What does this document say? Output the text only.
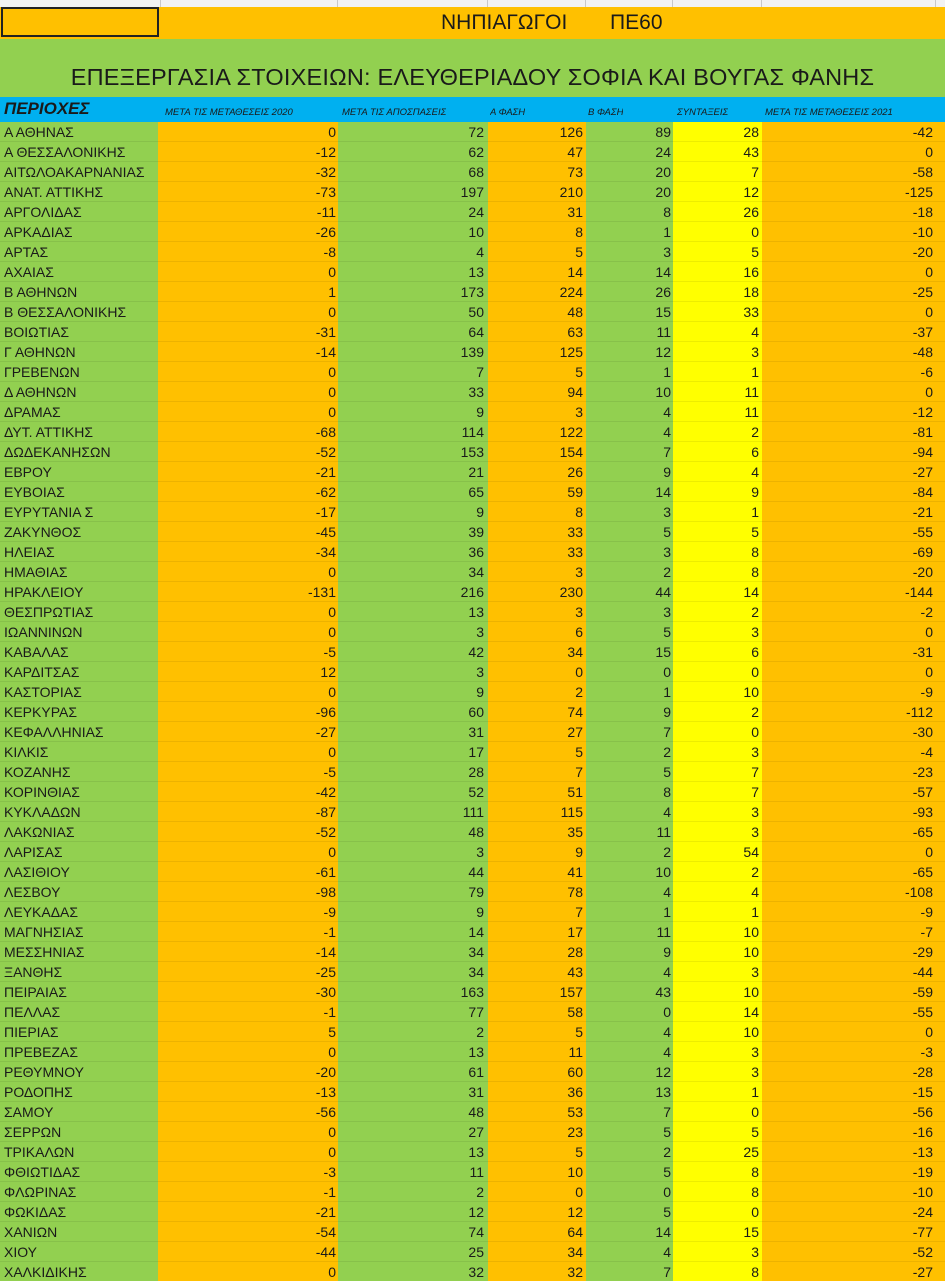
ΝΗΠΙΑΓΩΓΟΙ ΠΕ60
ΕΠΕΞΕΡΓΑΣΙΑ ΣΤΟΙΧΕΙΩΝ: ΕΛΕΥΘΕΡΙΑΔΟΥ ΣΟΦΙΑ ΚΑΙ ΒΟΥΓΑΣ ΦΑΝΗΣ
ΠΕΡΙΟΧΕΣ	ΜΕΤΑ ΤΙΣ ΜΕΤΑΘΕΣΕΙΣ 2020	ΜΕΤΑ ΤΙΣ ΑΠΟΣΠΑΣΕΙΣ	Α ΦΑΣΗ	Β ΦΑΣΗ	ΣΥΝΤΑΞΕΙΣ	ΜΕΤΑ ΤΙΣ ΜΕΤΑΘΕΣΕΙΣ 2021
Α ΑΘΗΝΑΣ	0	72	126	89	28	-42
Α ΘΕΣΣΑΛΟΝΙΚΗΣ	-12	62	47	24	43	0
ΑΙΤΩΛΟΑΚΑΡΝΑΝΙΑΣ	-32	68	73	20	7	-58
ΑΝΑΤ. ΑΤΤΙΚΗΣ	-73	197	210	20	12	-125
ΑΡΓΟΛΙΔΑΣ	-11	24	31	8	26	-18
ΑΡΚΑΔΙΑΣ	-26	10	8	1	0	-10
ΑΡΤΑΣ	-8	4	5	3	5	-20
ΑΧΑΙΑΣ	0	13	14	14	16	0
Β ΑΘΗΝΩΝ	1	173	224	26	18	-25
Β ΘΕΣΣΑΛΟΝΙΚΗΣ	0	50	48	15	33	0
ΒΟΙΩΤΙΑΣ	-31	64	63	11	4	-37
Γ ΑΘΗΝΩΝ	-14	139	125	12	3	-48
ΓΡΕΒΕΝΩΝ	0	7	5	1	1	-6
Δ ΑΘΗΝΩΝ	0	33	94	10	11	0
ΔΡΑΜΑΣ	0	9	3	4	11	-12
ΔΥΤ. ΑΤΤΙΚΗΣ	-68	114	122	4	2	-81
ΔΩΔΕΚΑΝΗΣΩΝ	-52	153	154	7	6	-94
ΕΒΡΟΥ	-21	21	26	9	4	-27
ΕΥΒΟΙΑΣ	-62	65	59	14	9	-84
ΕΥΡΥΤΑΝΙΑ Σ	-17	9	8	3	1	-21
ΖΑΚΥΝΘΟΣ	-45	39	33	5	5	-55
ΗΛΕΙΑΣ	-34	36	33	3	8	-69
ΗΜΑΘΙΑΣ	0	34	3	2	8	-20
ΗΡΑΚΛΕΙΟΥ	-131	216	230	44	14	-144
ΘΕΣΠΡΩΤΙΑΣ	0	13	3	3	2	-2
ΙΩΑΝΝΙΝΩΝ	0	3	6	5	3	0
ΚΑΒΑΛΑΣ	-5	42	34	15	6	-31
ΚΑΡΔΙΤΣΑΣ	12	3	0	0	0	0
ΚΑΣΤΟΡΙΑΣ	0	9	2	1	10	-9
ΚΕΡΚΥΡΑΣ	-96	60	74	9	2	-112
ΚΕΦΑΛΛΗΝΙΑΣ	-27	31	27	7	0	-30
ΚΙΛΚΙΣ	0	17	5	2	3	-4
ΚΟΖΑΝΗΣ	-5	28	7	5	7	-23
ΚΟΡΙΝΘΙΑΣ	-42	52	51	8	7	-57
ΚΥΚΛΑΔΩΝ	-87	111	115	4	3	-93
ΛΑΚΩΝΙΑΣ	-52	48	35	11	3	-65
ΛΑΡΙΣΑΣ	0	3	9	2	54	0
ΛΑΣΙΘΙΟΥ	-61	44	41	10	2	-65
ΛΕΣΒΟΥ	-98	79	78	4	4	-108
ΛΕΥΚΑΔΑΣ	-9	9	7	1	1	-9
ΜΑΓΝΗΣΙΑΣ	-1	14	17	11	10	-7
ΜΕΣΣΗΝΙΑΣ	-14	34	28	9	10	-29
ΞΑΝΘΗΣ	-25	34	43	4	3	-44
ΠΕΙΡΑΙΑΣ	-30	163	157	43	10	-59
ΠΕΛΛΑΣ	-1	77	58	0	14	-55
ΠΙΕΡΙΑΣ	5	2	5	4	10	0
ΠΡΕΒΕΖΑΣ	0	13	11	4	3	-3
ΡΕΘΥΜΝΟΥ	-20	61	60	12	3	-28
ΡΟΔΟΠΗΣ	-13	31	36	13	1	-15
ΣΑΜΟΥ	-56	48	53	7	0	-56
ΣΕΡΡΩΝ	0	27	23	5	5	-16
ΤΡΙΚΑΛΩΝ	0	13	5	2	25	-13
ΦΘΙΩΤΙΔΑΣ	-3	11	10	5	8	-19
ΦΛΩΡΙΝΑΣ	-1	2	0	0	8	-10
ΦΩΚΙΔΑΣ	-21	12	12	5	0	-24
ΧΑΝΙΩΝ	-54	74	64	14	15	-77
ΧΙΟΥ	-44	25	34	4	3	-52
ΧΑΛΚΙΔΙΚΗΣ	0	32	32	7	8	-27
